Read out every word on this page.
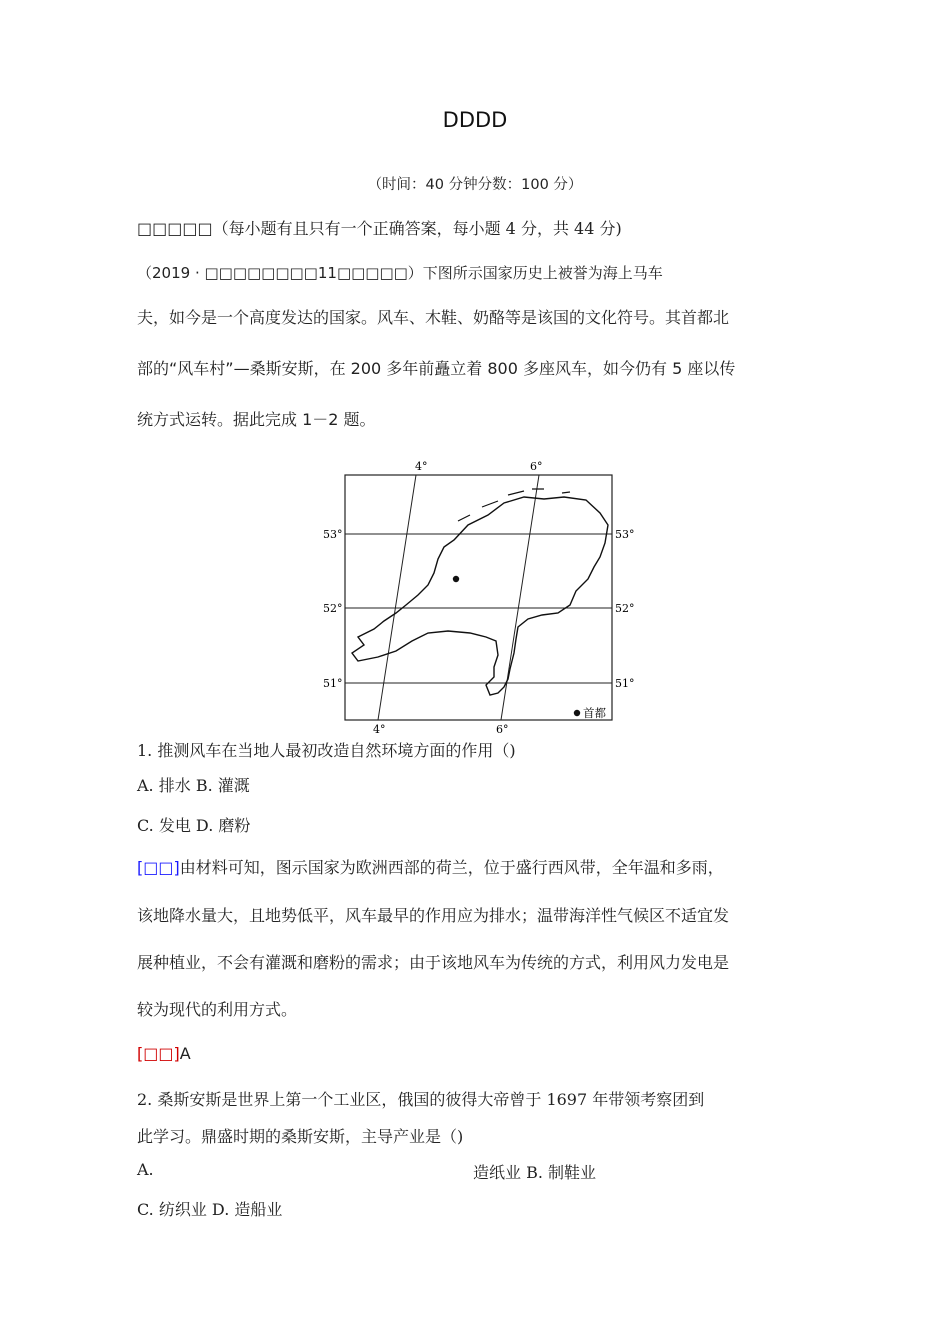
DDDD
（时间：40 分钟分数：100 分）
□□□□□（每小题有且只有一个正确答案，每小题 4 分，共 44 分)
（2019 · □□□□□□□□11□□□□□）下图所示国家历史上被誉为海上马车
夫，如今是一个高度发达的国家。风车、木鞋、奶酪等是该国的文化符号。其首都北
部的“风车村”—桑斯安斯，在 200 多年前矗立着 800 多座风车，如今仍有 5 座以传
统方式运转。据此完成 1－2 题。
4°	6°
4°	6°
53°
52°
51°
53°
52°
51°
首都
1. 推测风车在当地人最初改造自然环境方面的作用（)
A. 排水 B. 灌溉
C. 发电 D. 磨粉
[□□]由材料可知，图示国家为欧洲西部的荷兰，位于盛行西风带，全年温和多雨，
该地降水量大，且地势低平，风车最早的作用应为排水；温带海洋性气候区不适宜发
展种植业，不会有灌溉和磨粉的需求；由于该地风车为传统的方式，利用风力发电是
较为现代的利用方式。
[□□]A
2. 桑斯安斯是世界上第一个工业区，俄国的彼得大帝曾于 1697 年带领考察团到
此学习。鼎盛时期的桑斯安斯，主导产业是（)
A.	造纸业 B. 制鞋业
C. 纺织业 D. 造船业
